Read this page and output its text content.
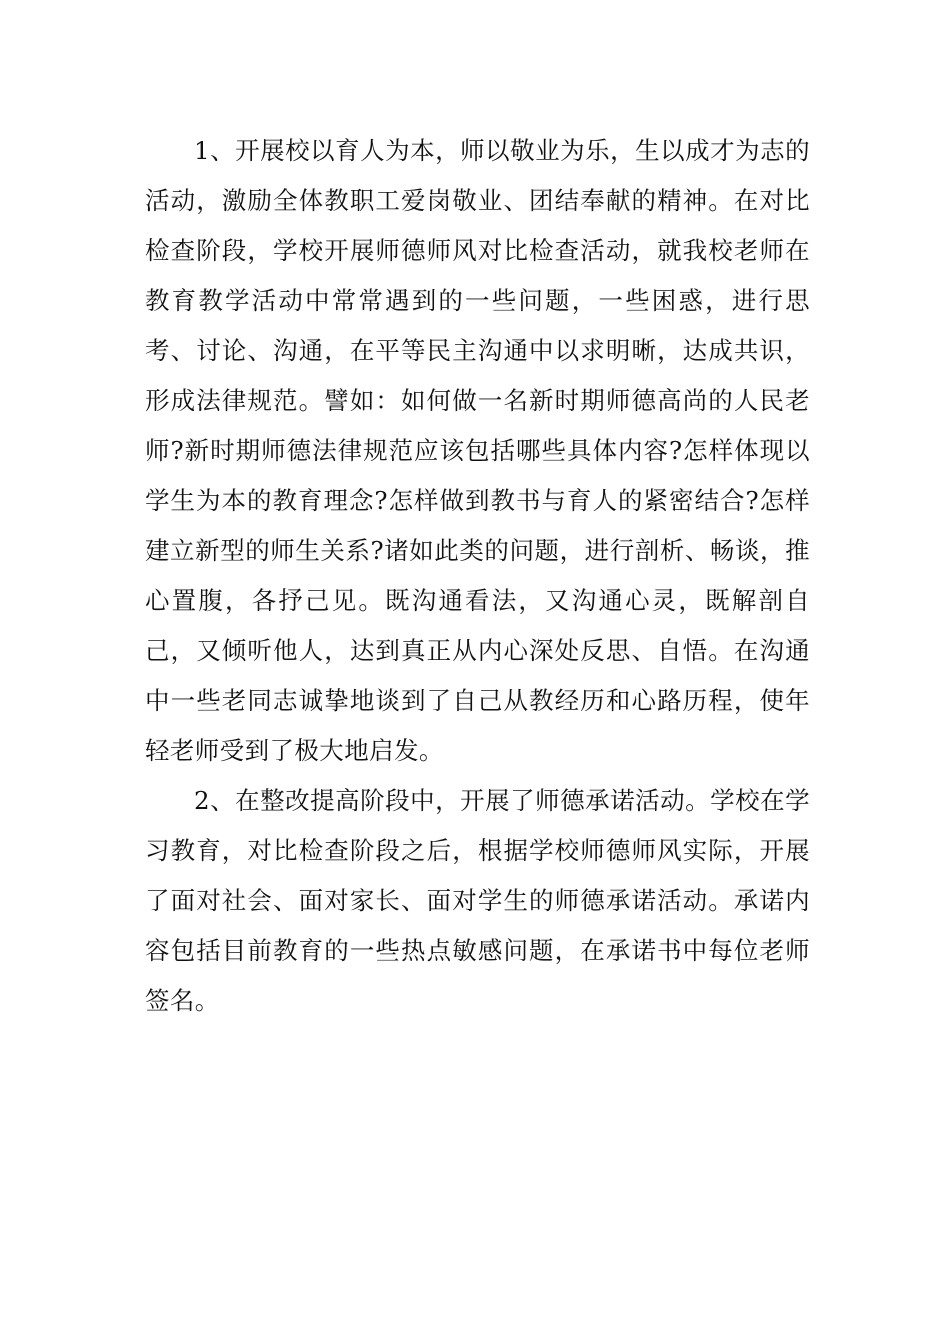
1、开展校以育人为本，师以敬业为乐，生以成才为志的活动，激励全体教职工爱岗敬业、团结奉献的精神。在对比检查阶段，学校开展师德师风对比检查活动，就我校老师在教育教学活动中常常遇到的一些问题，一些困惑，进行思考、讨论、沟通，在平等民主沟通中以求明晰，达成共识，形成法律规范。譬如：如何做一名新时期师德高尚的人民老师?新时期师德法律规范应该包括哪些具体内容?怎样体现以学生为本的教育理念?怎样做到教书与育人的紧密结合?怎样建立新型的师生关系?诸如此类的问题，进行剖析、畅谈，推心置腹，各抒己见。既沟通看法，又沟通心灵，既解剖自己，又倾听他人，达到真正从内心深处反思、自悟。在沟通中一些老同志诚挚地谈到了自己从教经历和心路历程，使年轻老师受到了极大地启发。

2、在整改提高阶段中，开展了师德承诺活动。学校在学习教育，对比检查阶段之后，根据学校师德师风实际，开展了面对社会、面对家长、面对学生的师德承诺活动。承诺内容包括目前教育的一些热点敏感问题，在承诺书中每位老师签名。
